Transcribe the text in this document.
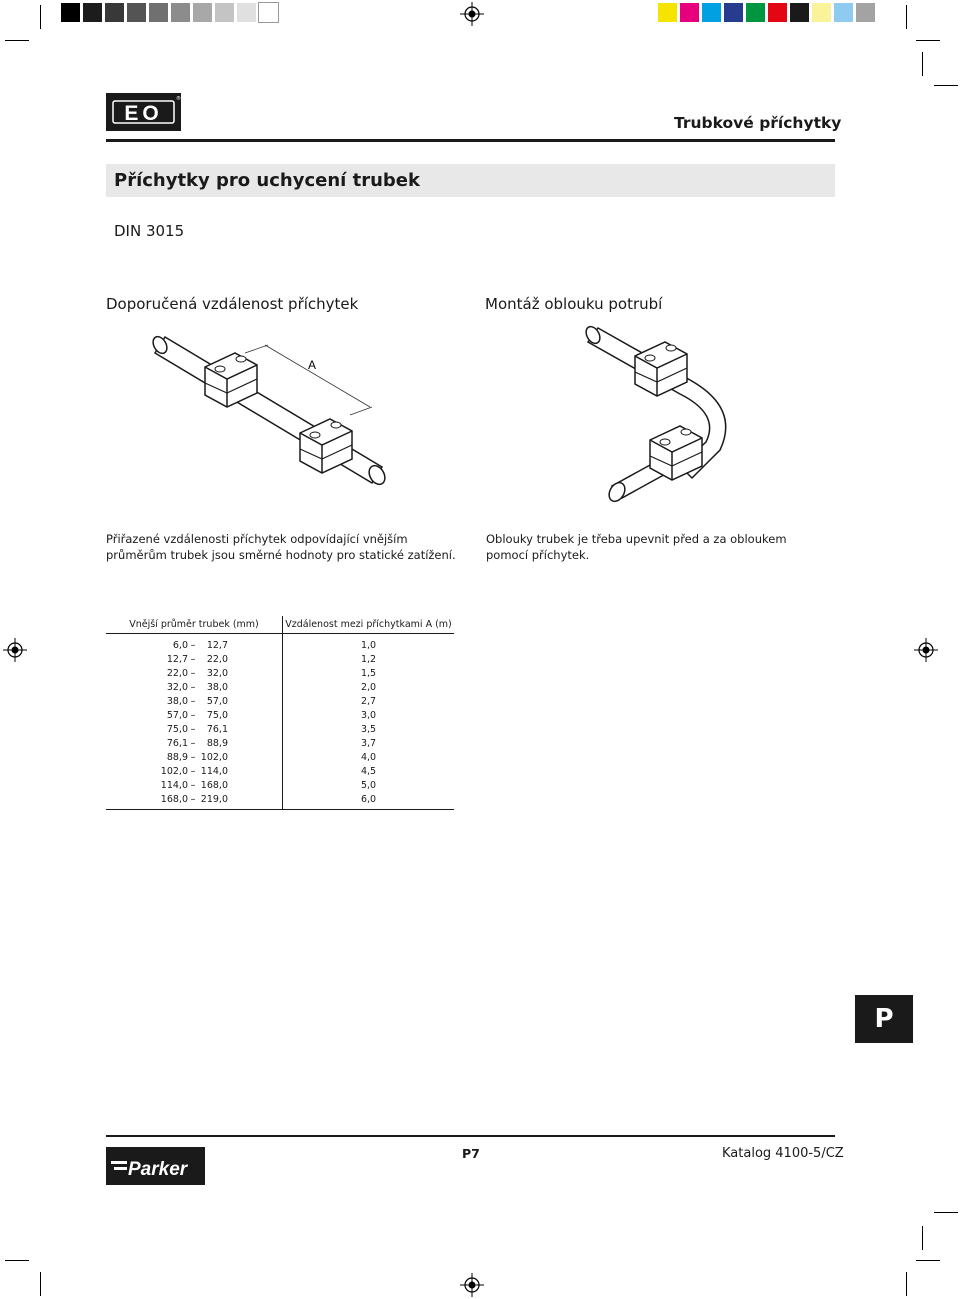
EO
®
Trubkové příchytky
Příchytky pro uchycení trubek
DIN 3015
Doporučená vzdálenost příchytek
A
Přiřazené vzdálenosti příchytek odpovídající vnějším
průměrům trubek jsou směrné hodnoty pro statické zatížení.
Montáž oblouku potrubí
Oblouky trubek je třeba upevnit před a za obloukem
pomocí příchytek.
Vnější průměr trubek (mm)	Vzdálenost mezi příchytkami A (m)
6,0 – 12,7	1,0
12,7 – 22,0	1,2
22,0 – 32,0	1,5
32,0 – 38,0	2,0
38,0 – 57,0	2,7
57,0 – 75,0	3,0
75,0 – 76,1	3,5
76,1 – 88,9	3,7
88,9 – 102,0	4,0
102,0 – 114,0	4,5
114,0 – 168,0	5,0
168,0 – 219,0	6,0
P
Parker
P7	Katalog 4100-5/CZ
